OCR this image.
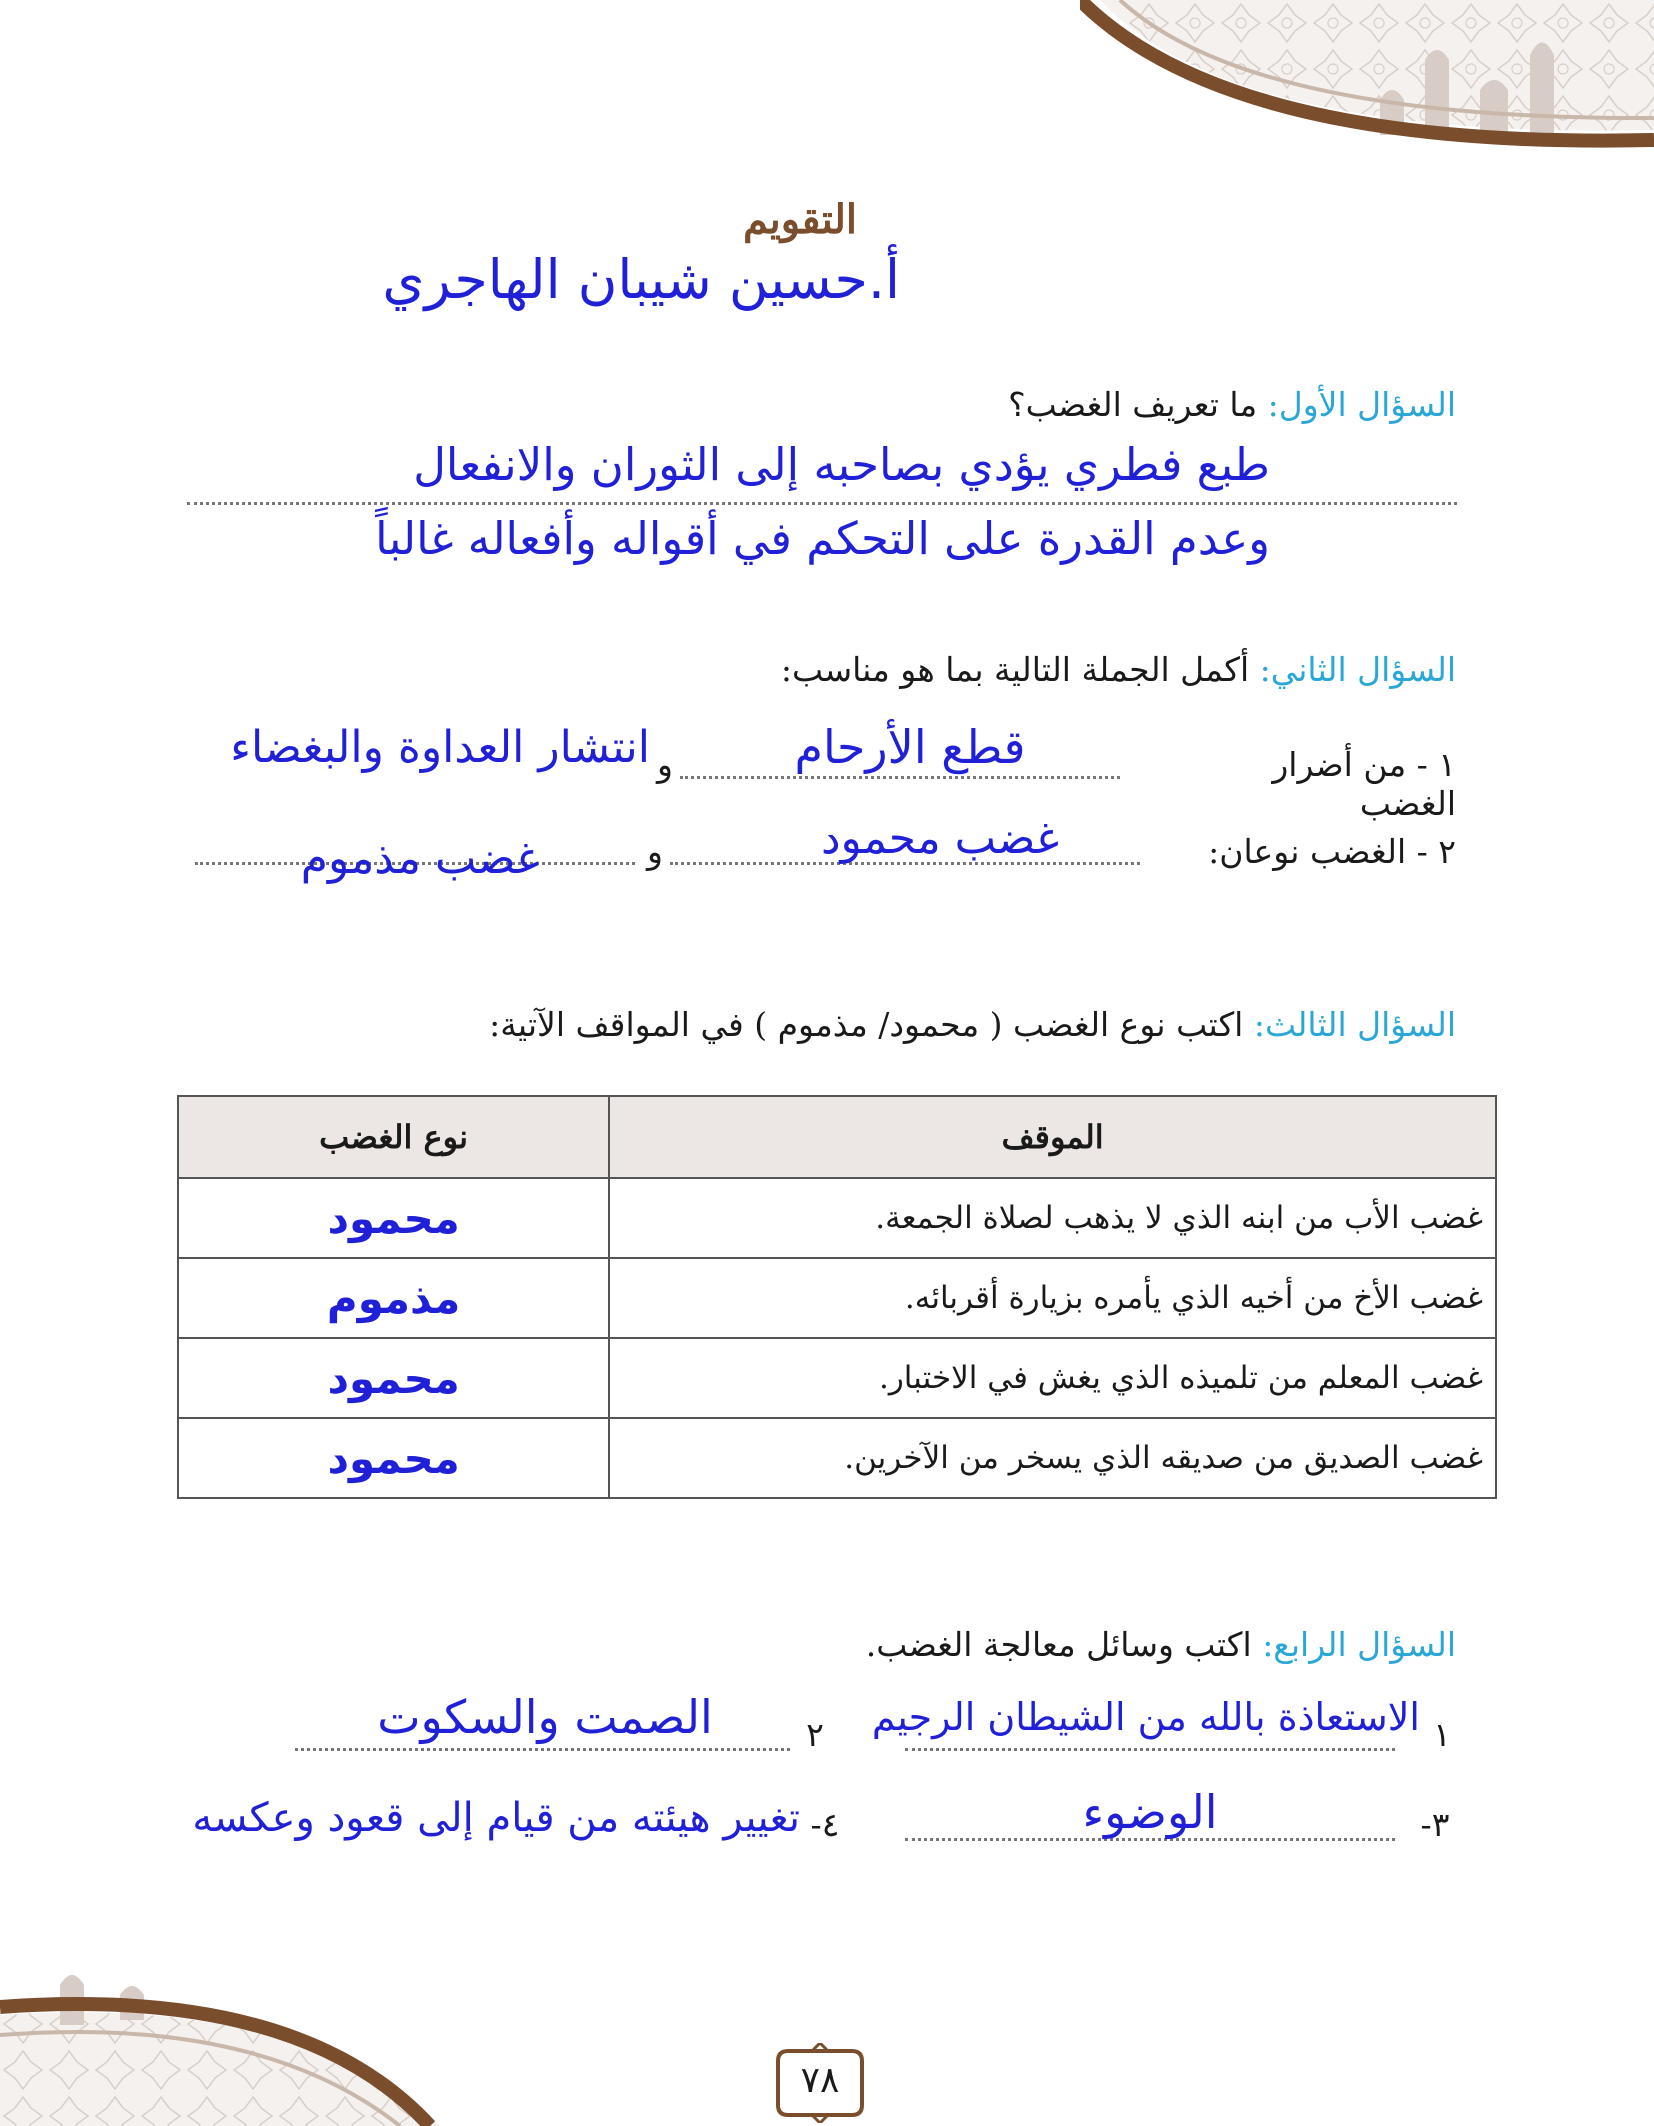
التقويم
أ.حسين شيبان الهاجري
السؤال الأول: ما تعريف الغضب؟
طبع فطري يؤدي بصاحبه إلى الثوران والانفعال
وعدم القدرة على التحكم في أقواله وأفعاله غالباً
السؤال الثاني: أكمل الجملة التالية بما هو مناسب:
١ - من أضرار الغضب
قطع الأرحام
و
انتشار العداوة والبغضاء
٢ - الغضب نوعان:
غضب محمود
و
غضب مذموم
السؤال الثالث: اكتب نوع الغضب ( محمود/ مذموم ) في المواقف الآتية:
الموقف	نوع الغضب
غضب الأب من ابنه الذي لا يذهب لصلاة الجمعة.	محمود
غضب الأخ من أخيه الذي يأمره بزيارة أقربائه.	مذموم
غضب المعلم من تلميذه الذي يغش في الاختبار.	محمود
غضب الصديق من صديقه الذي يسخر من الآخرين.	محمود
السؤال الرابع: اكتب وسائل معالجة الغضب.
١
الاستعاذة بالله من الشيطان الرجيم
٢
الصمت والسكوت
٣-
الوضوء
٤-
تغيير هيئته من قيام إلى قعود وعكسه
٧٨
